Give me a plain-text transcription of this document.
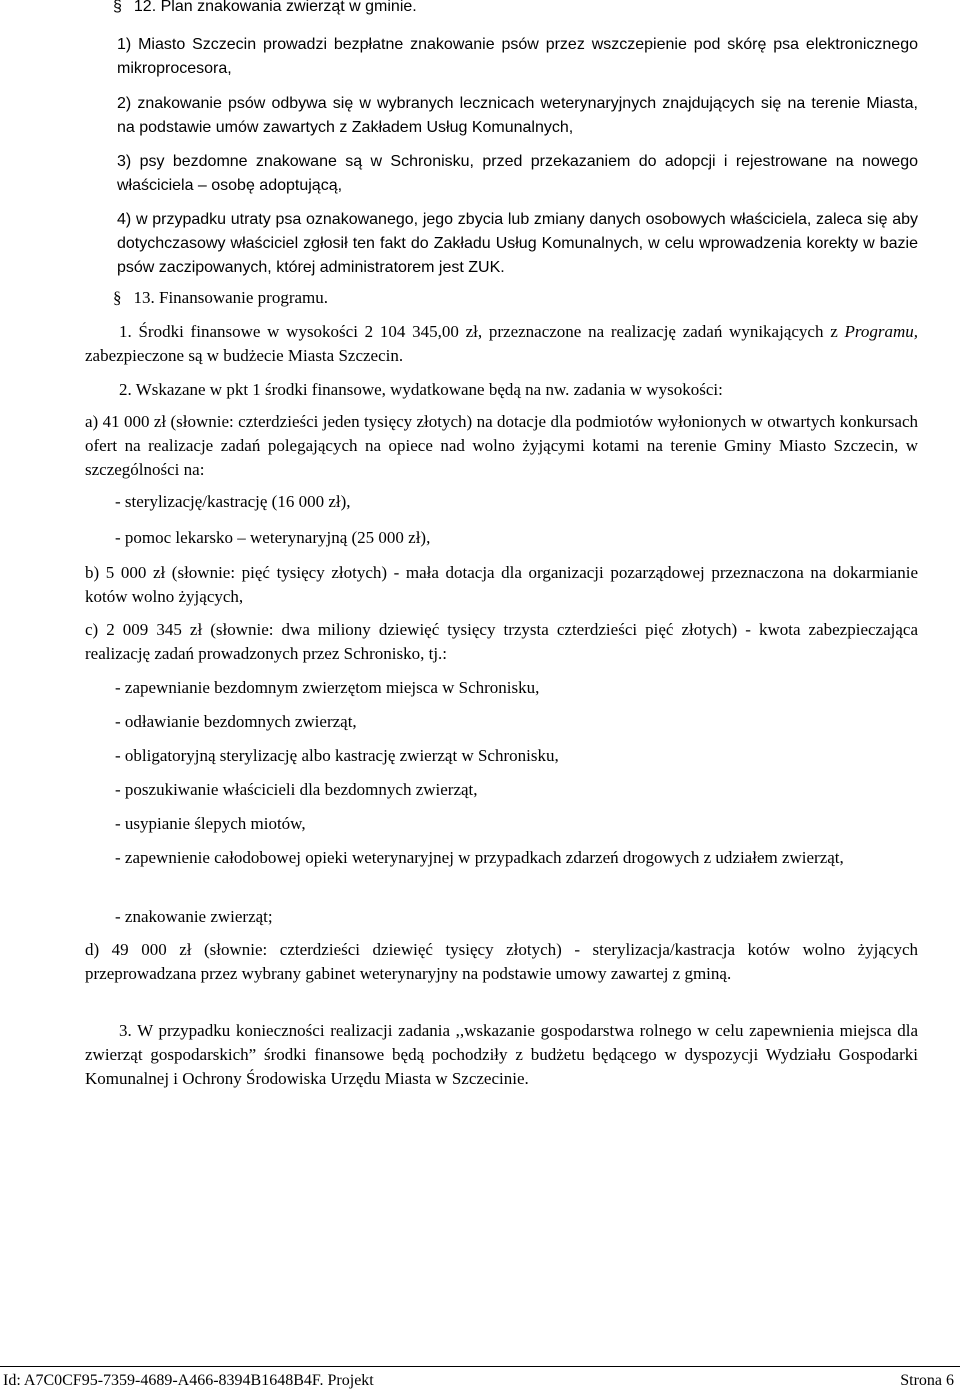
§ 12. Plan znakowania zwierząt w gminie.

1) Miasto Szczecin prowadzi bezpłatne znakowanie psów przez wszczepienie pod skórę psa elektronicznego mikroprocesora,

2) znakowanie psów odbywa się w wybranych lecznicach weterynaryjnych znajdujących się na terenie Miasta, na podstawie umów zawartych z Zakładem Usług Komunalnych,

3) psy bezdomne znakowane są w Schronisku, przed przekazaniem do adopcji i rejestrowane na nowego właściciela – osobę adoptującą,

4) w przypadku utraty psa oznakowanego, jego zbycia lub zmiany danych osobowych właściciela, zaleca się aby dotychczasowy właściciel zgłosił ten fakt do Zakładu Usług Komunalnych, w celu wprowadzenia korekty w bazie psów zaczipowanych, której administratorem jest ZUK.

§ 13. Finansowanie programu.

1. Środki finansowe w wysokości 2 104 345,00 zł, przeznaczone na realizację zadań wynikających z Programu, zabezpieczone są w budżecie Miasta Szczecin.

2. Wskazane w pkt 1 środki finansowe, wydatkowane będą na nw. zadania w wysokości:

a) 41 000 zł (słownie: czterdzieści jeden tysięcy złotych) na dotacje dla podmiotów wyłonionych w otwartych konkursach ofert na realizacje zadań polegających na opiece nad wolno żyjącymi kotami na terenie Gminy Miasto Szczecin, w szczególności na:

- sterylizację/kastrację (16 000 zł),

- pomoc lekarsko – weterynaryjną (25 000 zł),

b) 5 000 zł (słownie: pięć tysięcy złotych) - mała dotacja dla organizacji pozarządowej przeznaczona na dokarmianie kotów wolno żyjących,

c) 2 009 345 zł (słownie: dwa miliony dziewięć tysięcy trzysta czterdzieści pięć złotych) - kwota zabezpieczająca realizację zadań prowadzonych przez Schronisko, tj.:

- zapewnianie bezdomnym zwierzętom miejsca w Schronisku,

- odławianie bezdomnych zwierząt,

- obligatoryjną sterylizację albo kastrację zwierząt w Schronisku,

- poszukiwanie właścicieli dla bezdomnych zwierząt,

- usypianie ślepych miotów,

- zapewnienie całodobowej opieki weterynaryjnej w przypadkach zdarzeń drogowych z udziałem zwierząt,

- znakowanie zwierząt;

d) 49 000 zł (słownie: czterdzieści dziewięć tysięcy złotych) - sterylizacja/kastracja kotów wolno żyjących przeprowadzana przez wybrany gabinet weterynaryjny na podstawie umowy zawartej z gminą.

3. W przypadku konieczności realizacji zadania ,,wskazanie gospodarstwa rolnego w celu zapewnienia miejsca dla zwierząt gospodarskich” środki finansowe będą pochodziły z budżetu będącego w dyspozycji Wydziału Gospodarki Komunalnej i Ochrony Środowiska Urzędu Miasta w Szczecinie.

Id: A7C0CF95-7359-4689-A466-8394B1648B4F. Projekt	Strona 6
